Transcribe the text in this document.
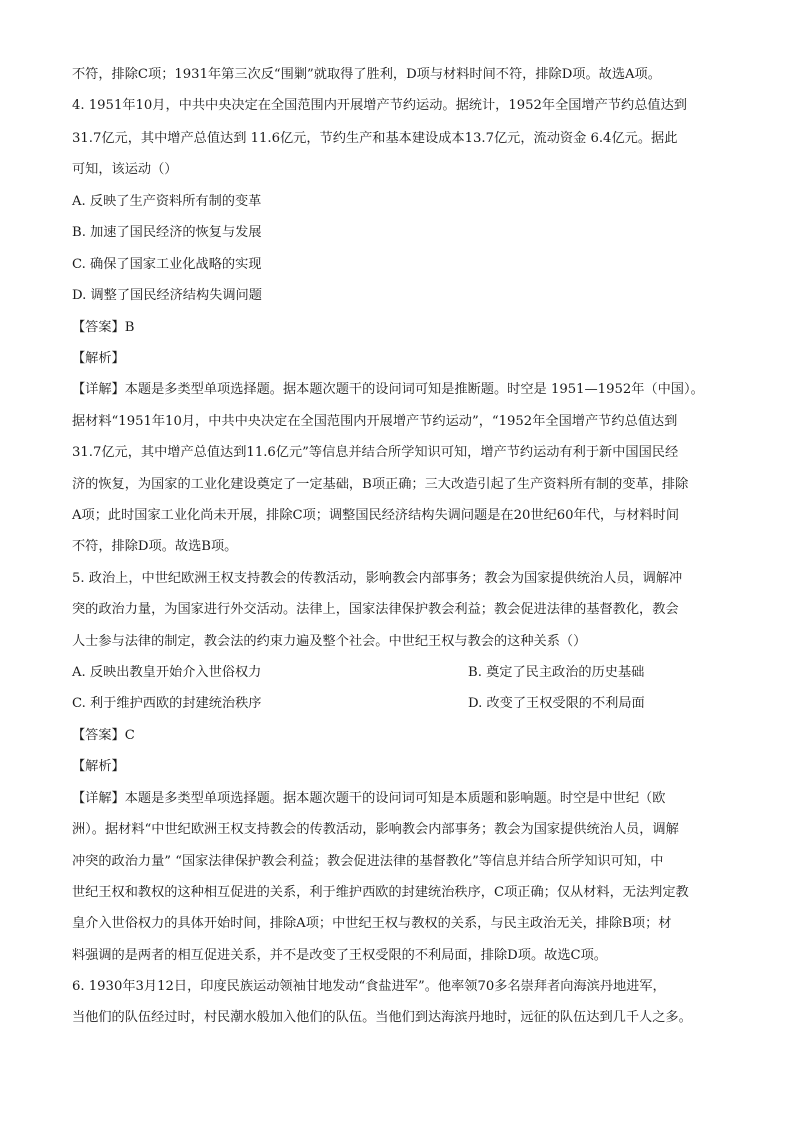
不符，排除C项；1931年第三次反“围剿”就取得了胜利，D项与材料时间不符，排除D项。故选A项。
4. 1951年10月，中共中央决定在全国范围内开展增产节约运动。据统计，1952年全国增产节约总值达到
31.7亿元，其中增产总值达到 11.6亿元，节约生产和基本建设成本13.7亿元，流动资金 6.4亿元。据此
可知，该运动（）
A. 反映了生产资料所有制的变革
B. 加速了国民经济的恢复与发展
C. 确保了国家工业化战略的实现
D. 调整了国民经济结构失调问题
【答案】B
【解析】
【详解】本题是多类型单项选择题。据本题次题干的设问词可知是推断题。时空是 1951—1952年（中国）。
据材料“1951年10月，中共中央决定在全国范围内开展增产节约运动”，“1952年全国增产节约总值达到
31.7亿元，其中增产总值达到11.6亿元”等信息并结合所学知识可知，增产节约运动有利于新中国国民经
济的恢复，为国家的工业化建设奠定了一定基础，B项正确；三大改造引起了生产资料所有制的变革，排除
A项；此时国家工业化尚未开展，排除C项；调整国民经济结构失调问题是在20世纪60年代，与材料时间
不符，排除D项。故选B项。
5. 政治上，中世纪欧洲王权支持教会的传教活动，影响教会内部事务；教会为国家提供统治人员，调解冲
突的政治力量，为国家进行外交活动。法律上，国家法律保护教会利益；教会促进法律的基督教化，教会
人士参与法律的制定，教会法的约束力遍及整个社会。中世纪王权与教会的这种关系（）
A. 反映出教皇开始介入世俗权力	B. 奠定了民主政治的历史基础
C. 利于维护西欧的封建统治秩序	D. 改变了王权受限的不利局面
【答案】C
【解析】
【详解】本题是多类型单项选择题。据本题次题干的设问词可知是本质题和影响题。时空是中世纪（欧
洲）。据材料“中世纪欧洲王权支持教会的传教活动，影响教会内部事务；教会为国家提供统治人员，调解
冲突的政治力量” “国家法律保护教会利益；教会促进法律的基督教化”等信息并结合所学知识可知，中
世纪王权和教权的这种相互促进的关系，利于维护西欧的封建统治秩序，C项正确；仅从材料，无法判定教
皇介入世俗权力的具体开始时间，排除A项；中世纪王权与教权的关系，与民主政治无关，排除B项；材
料强调的是两者的相互促进关系，并不是改变了王权受限的不利局面，排除D项。故选C项。
6. 1930年3月12日，印度民族运动领袖甘地发动“食盐进军”。他率领70多名崇拜者向海滨丹地进军，
当他们的队伍经过时，村民潮水般加入他们的队伍。当他们到达海滨丹地时，远征的队伍达到几千人之多。
